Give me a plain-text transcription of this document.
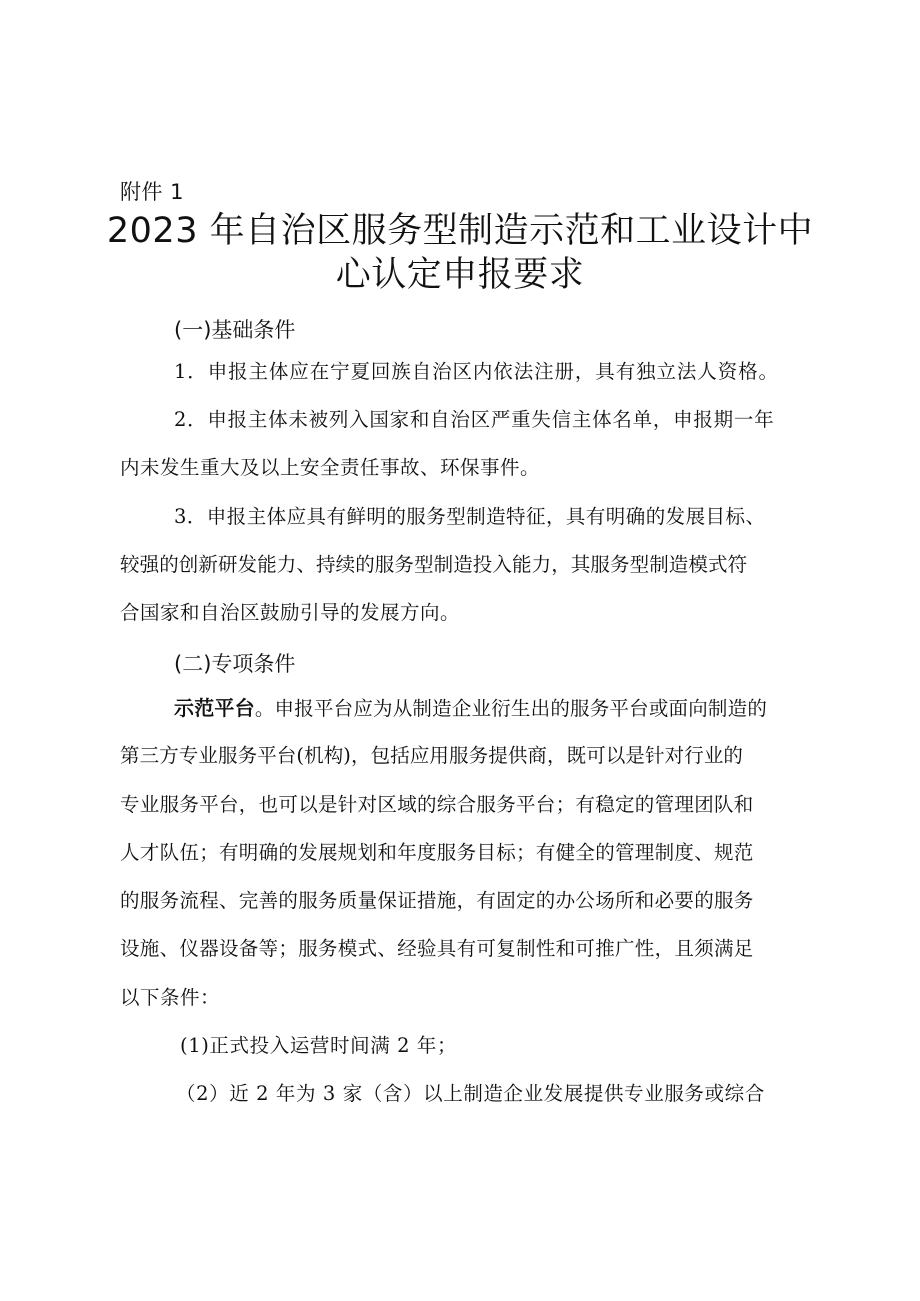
附件 1
2023 年自治区服务型制造示范和工业设计中
心认定申报要求
(一)基础条件
1．申报主体应在宁夏回族自治区内依法注册，具有独立法人资格。
2．申报主体未被列入国家和自治区严重失信主体名单，申报期一年
内未发生重大及以上安全责任事故、环保事件。
3．申报主体应具有鲜明的服务型制造特征，具有明确的发展目标、
较强的创新研发能力、持续的服务型制造投入能力，其服务型制造模式符
合国家和自治区鼓励引导的发展方向。
(二)专项条件
示范平台。申报平台应为从制造企业衍生出的服务平台或面向制造的
第三方专业服务平台(机构)，包括应用服务提供商，既可以是针对行业的
专业服务平台，也可以是针对区域的综合服务平台；有稳定的管理团队和
人才队伍；有明确的发展规划和年度服务目标；有健全的管理制度、规范
的服务流程、完善的服务质量保证措施，有固定的办公场所和必要的服务
设施、仪器设备等；服务模式、经验具有可复制性和可推广性，且须满足
以下条件：
(1)正式投入运营时间满 2 年；
（2）近 2 年为 3 家（含）以上制造企业发展提供专业服务或综合
